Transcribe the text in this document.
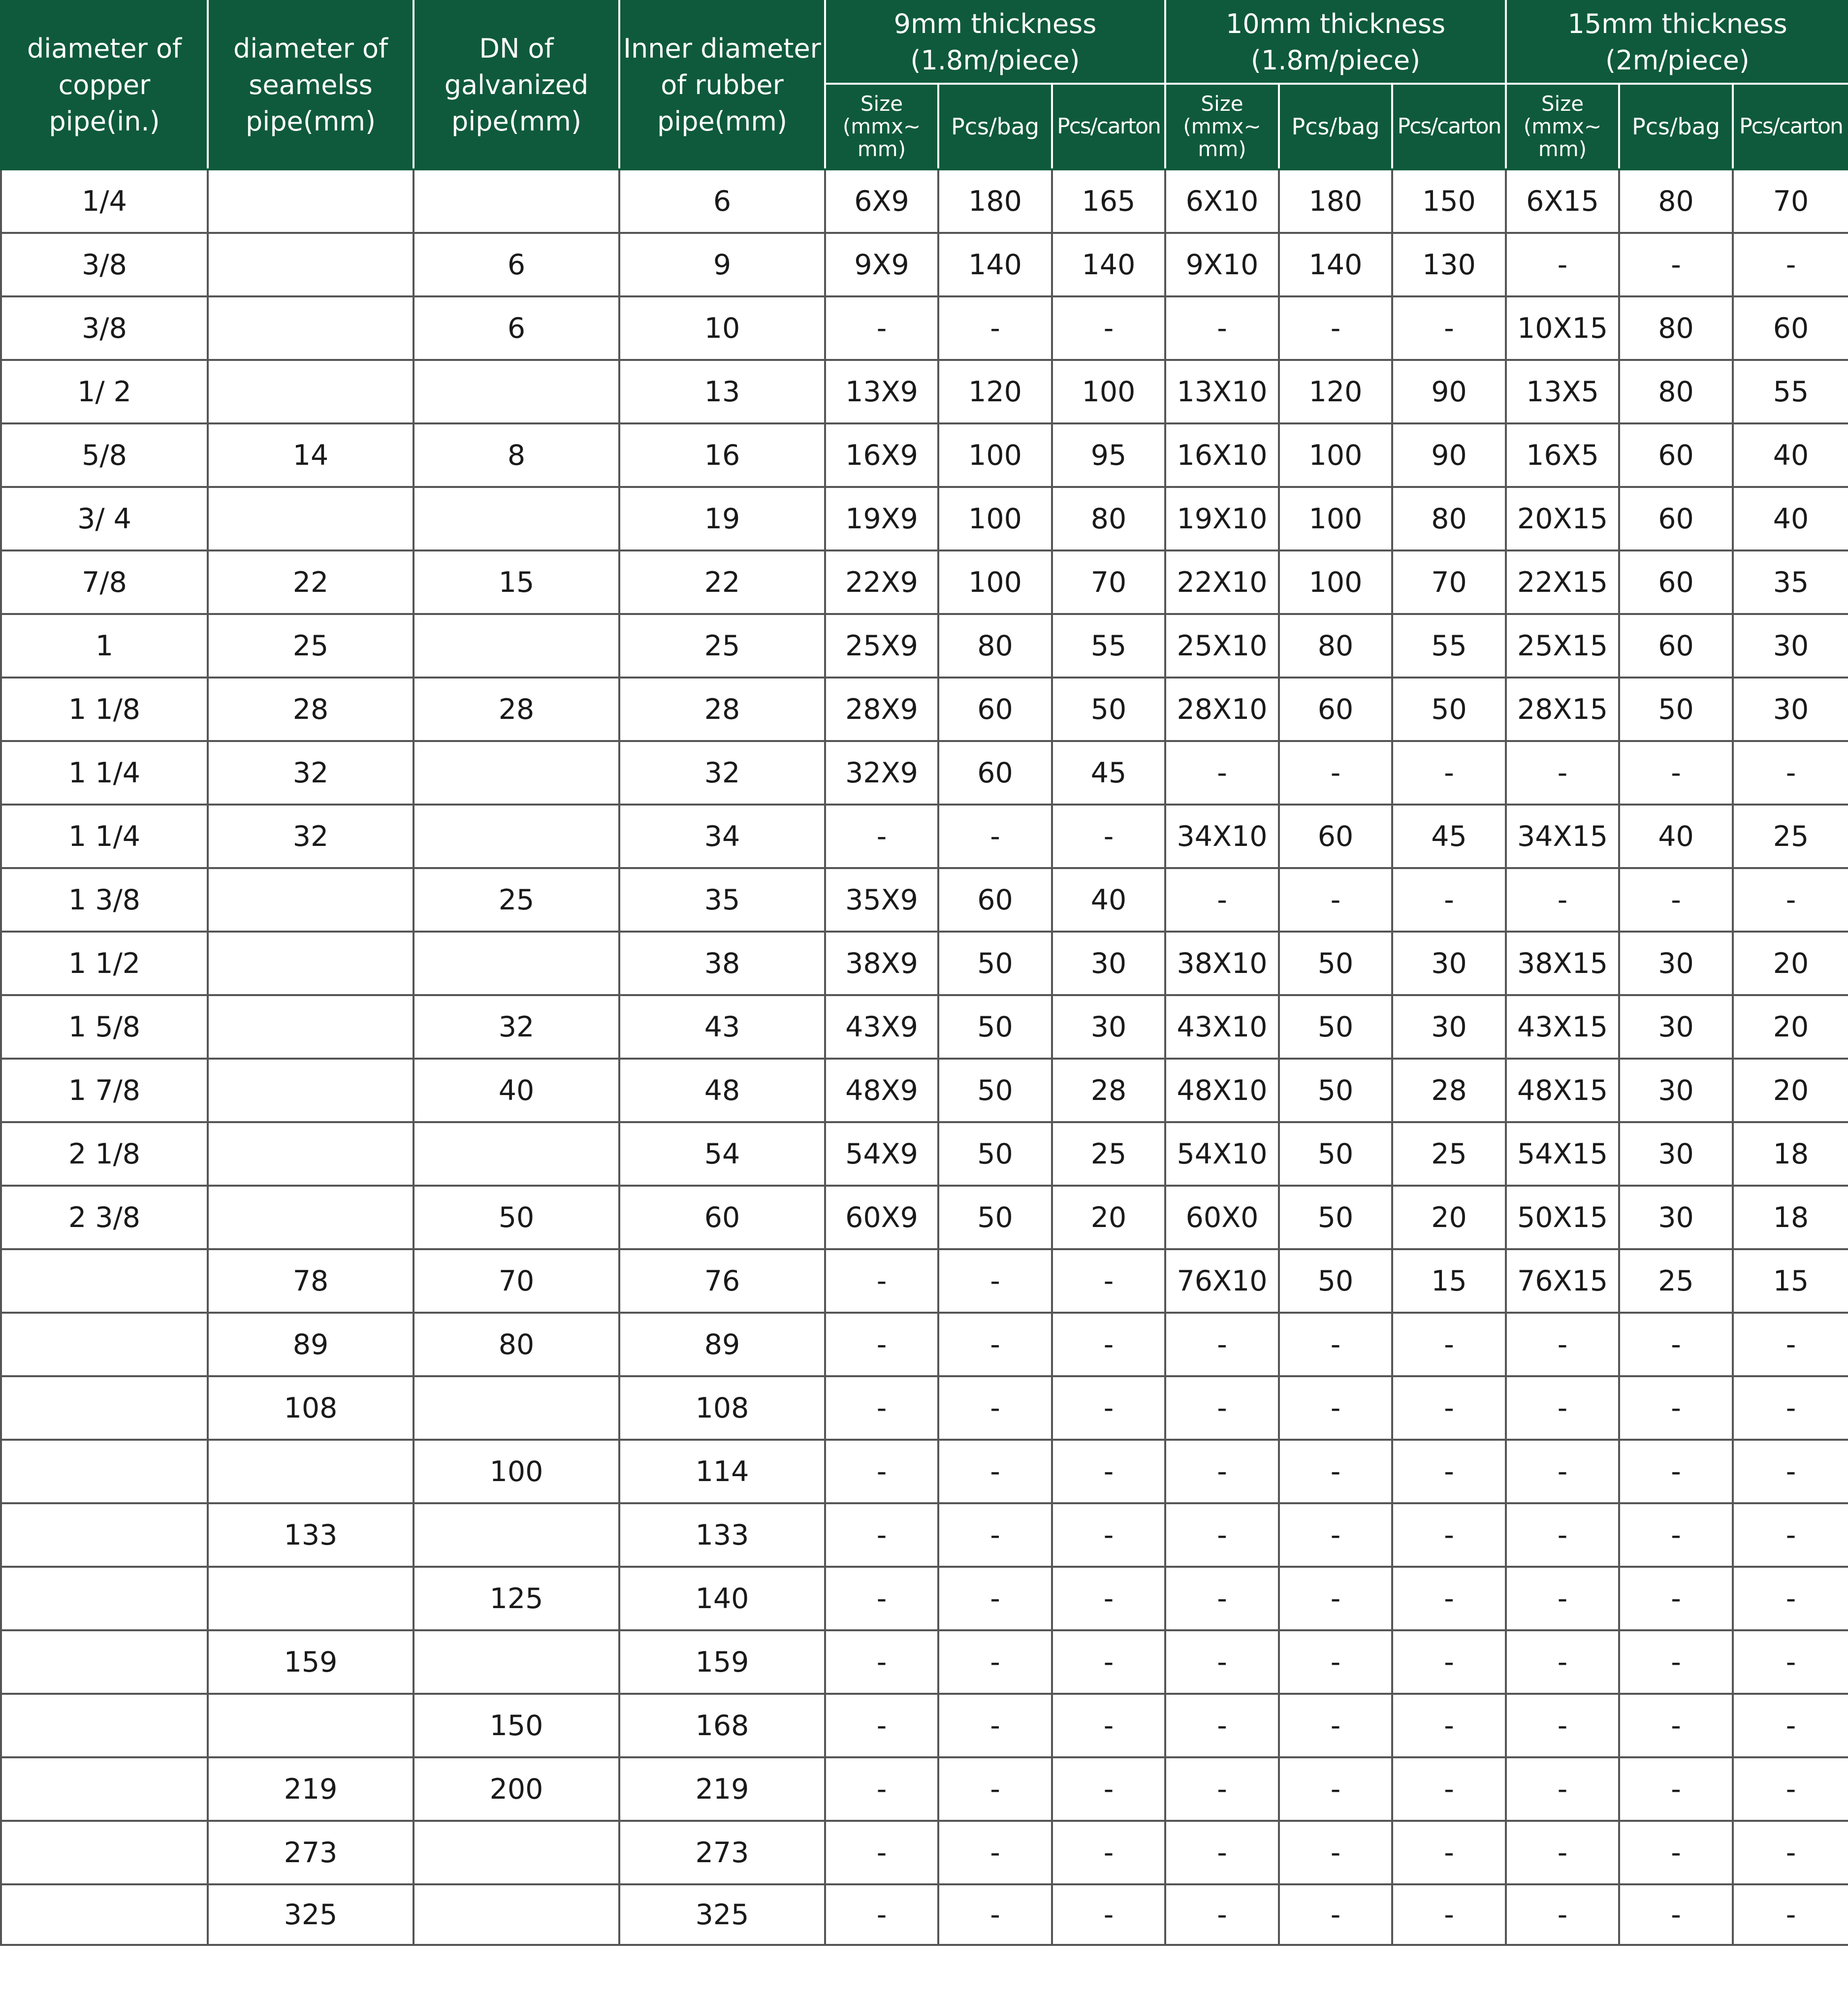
diameter of copper pipe(in.)	diameter of seamelss pipe(mm)	DN of galvanized pipe(mm)	Inner diameter of rubber pipe(mm)	9mm thickness (1.8m/piece)			10mm thickness (1.8m/piece)			15mm thickness (2m/piece)		
				Size (mmx~ mm)	Pcs/bag	Pcs/carton	Size (mmx~ mm)	Pcs/bag	Pcs/carton	Size (mmx~ mm)	Pcs/bag	Pcs/carton
1/4			6	6X9	180	165	6X10	180	150	6X15	80	70
3/8		6	9	9X9	140	140	9X10	140	130	-	-	-
3/8		6	10	-	-	-	-	-	-	10X15	80	60
1/ 2			13	13X9	120	100	13X10	120	90	13X5	80	55
5/8	14	8	16	16X9	100	95	16X10	100	90	16X5	60	40
3/ 4			19	19X9	100	80	19X10	100	80	20X15	60	40
7/8	22	15	22	22X9	100	70	22X10	100	70	22X15	60	35
1	25		25	25X9	80	55	25X10	80	55	25X15	60	30
1 1/8	28	28	28	28X9	60	50	28X10	60	50	28X15	50	30
1 1/4	32		32	32X9	60	45	-	-	-	-	-	-
1 1/4	32		34	-	-	-	34X10	60	45	34X15	40	25
1 3/8		25	35	35X9	60	40	-	-	-	-	-	-
1 1/2			38	38X9	50	30	38X10	50	30	38X15	30	20
1 5/8		32	43	43X9	50	30	43X10	50	30	43X15	30	20
1 7/8		40	48	48X9	50	28	48X10	50	28	48X15	30	20
2 1/8			54	54X9	50	25	54X10	50	25	54X15	30	18
2 3/8		50	60	60X9	50	20	60X0	50	20	50X15	30	18
	78	70	76	-	-	-	76X10	50	15	76X15	25	15
	89	80	89	-	-	-	-	-	-	-	-	-
	108		108	-	-	-	-	-	-	-	-	-
		100	114	-	-	-	-	-	-	-	-	-
	133		133	-	-	-	-	-	-	-	-	-
		125	140	-	-	-	-	-	-	-	-	-
	159		159	-	-	-	-	-	-	-	-	-
		150	168	-	-	-	-	-	-	-	-	-
	219	200	219	-	-	-	-	-	-	-	-	-
	273		273	-	-	-	-	-	-	-	-	-
	325		325	-	-	-	-	-	-	-	-	-
